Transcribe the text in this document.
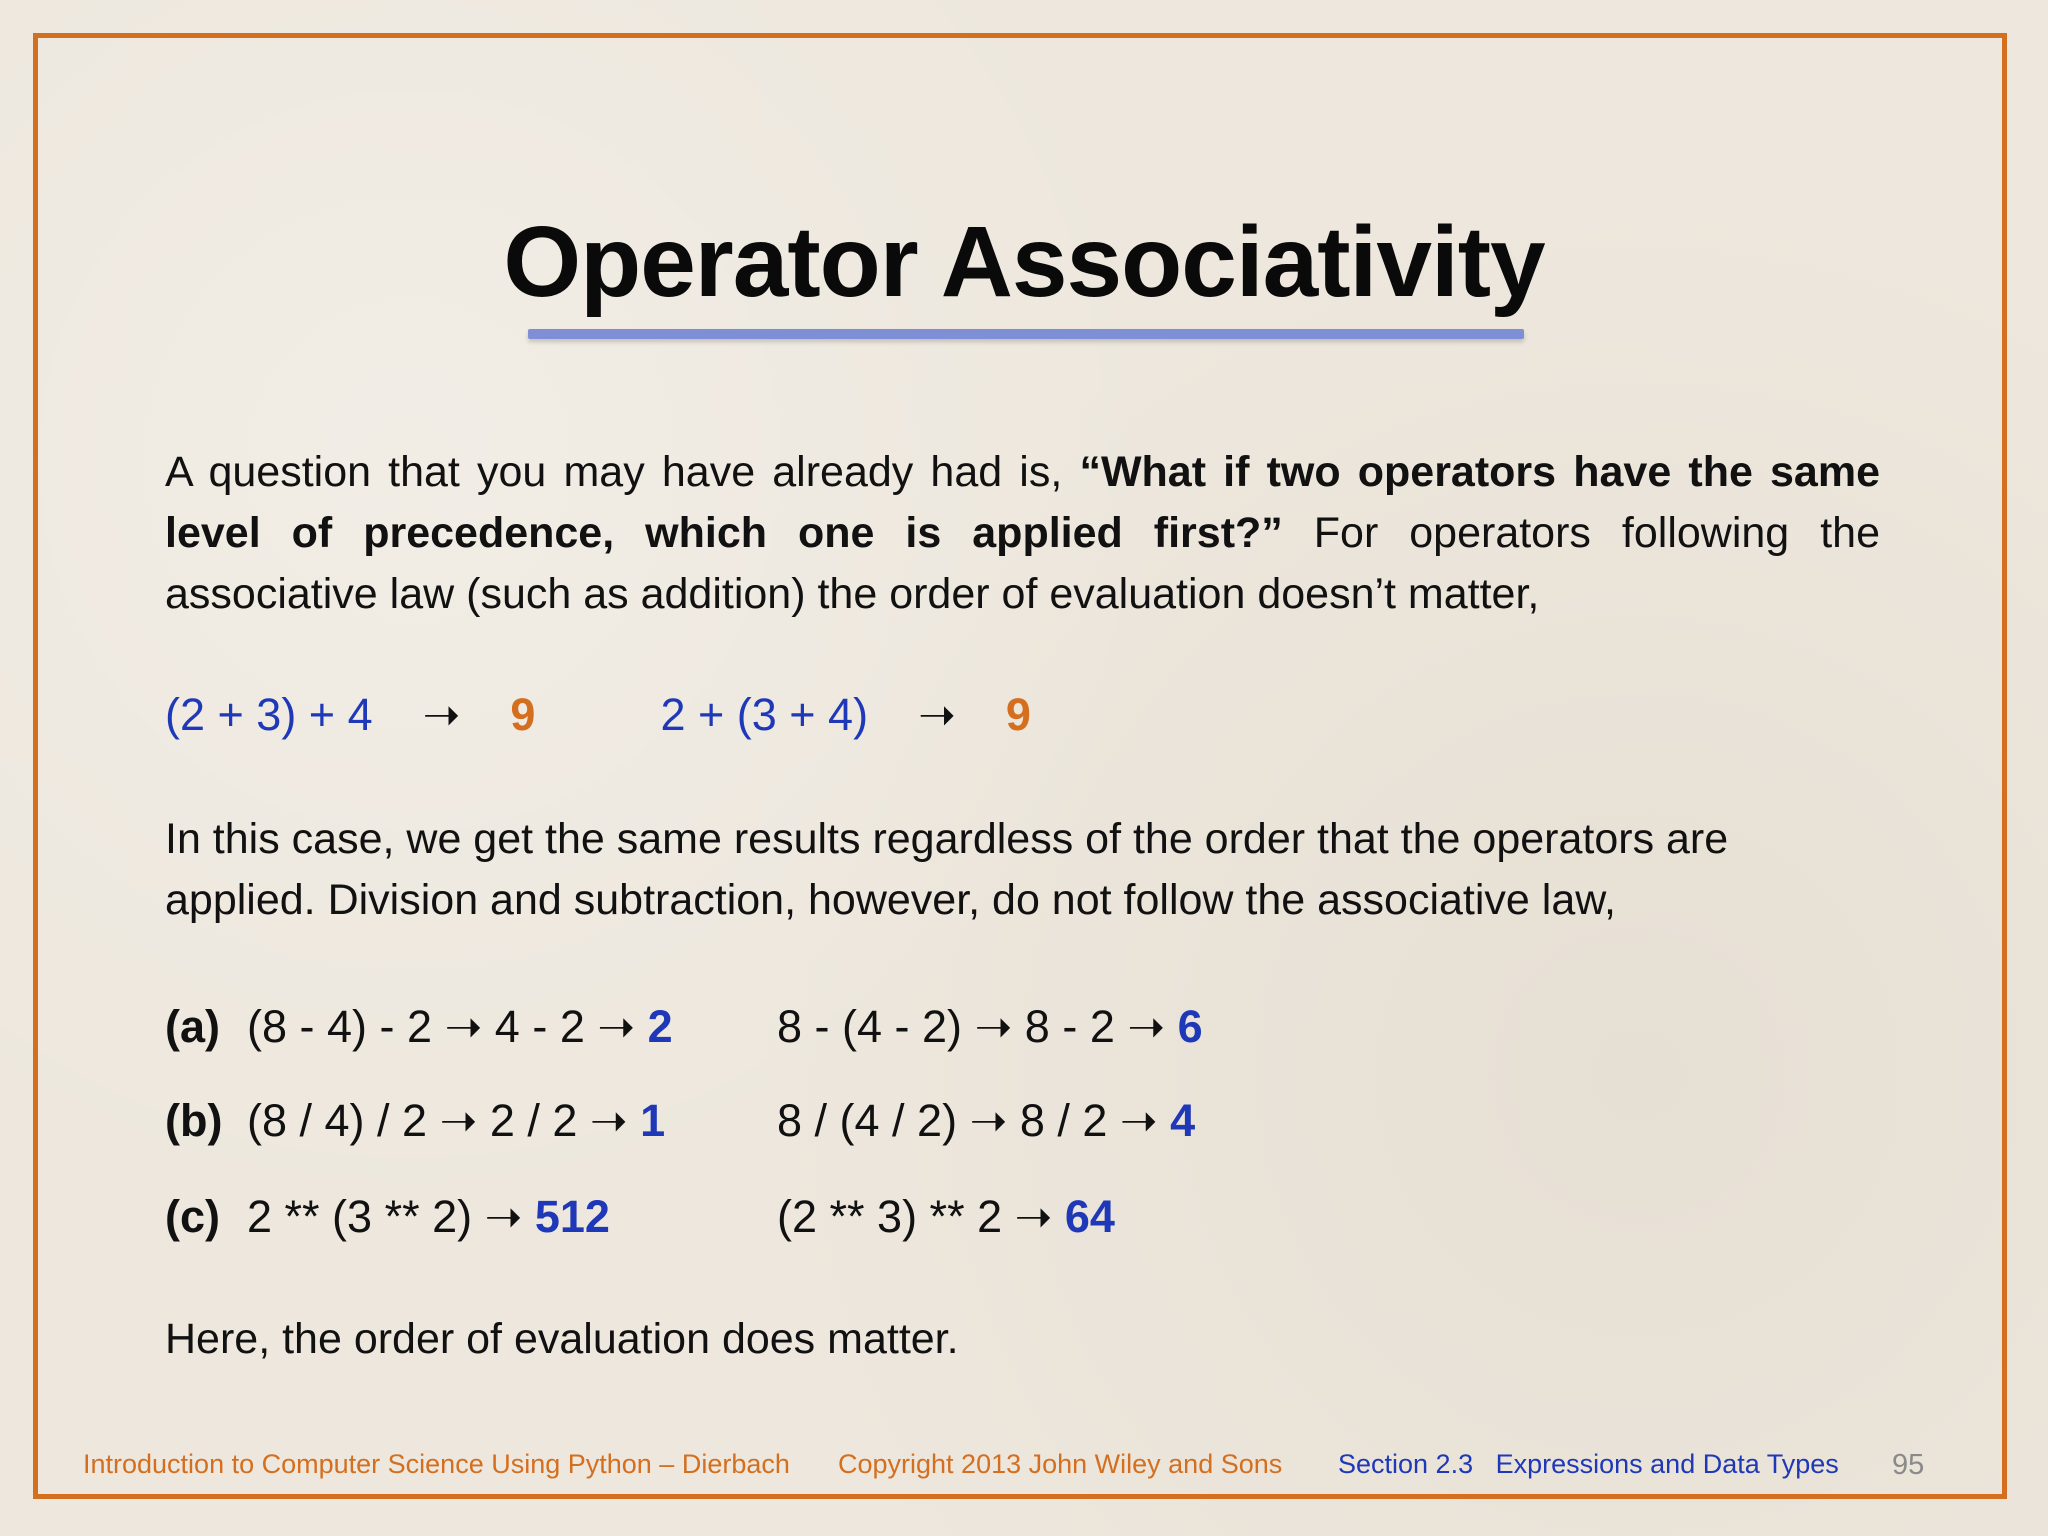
Operator Associativity
A question that you may have already had is, “What if two operators have the same level of precedence, which one is applied first?” For operators following the associative law (such as addition) the order of evaluation doesn’t matter,
(2 + 3) + 4 ➝ 9	2 + (3 + 4) ➝ 9
In this case, we get the same results regardless of the order that the operators are applied. Division and subtraction, however, do not follow the associative law,
(a) (8 - 4) - 2 ➝ 4 - 2 ➝ 2 8 - (4 - 2) ➝ 8 - 2 ➝ 6
(b) (8 / 4) / 2 ➝ 2 / 2 ➝ 1 8 / (4 / 2) ➝ 8 / 2 ➝ 4
(c) 2 ** (3 ** 2) ➝ 512	(2 ** 3) ** 2 ➝ 64
Here, the order of evaluation does matter.
Introduction to Computer Science Using Python – Dierbach Copyright 2013 John Wiley and Sons Section 2.3   Expressions and Data Types 95
